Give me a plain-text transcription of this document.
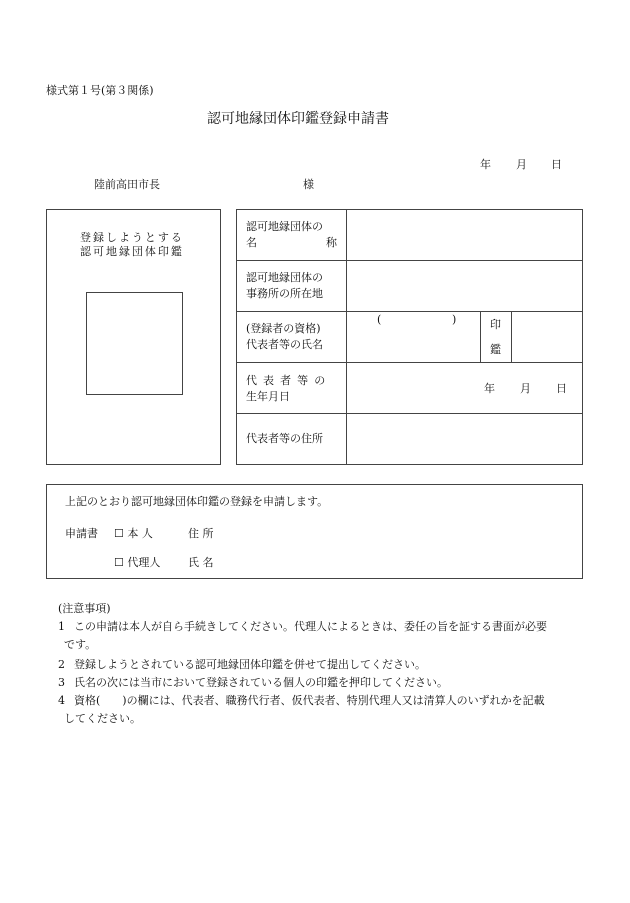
様式第１号(第３関係)
認可地縁団体印鑑登録申請書
年 月 日
陸前高田市長	様
登録しようとする
認可地縁団体印鑑
認可地縁団体の
名	称
認可地縁団体の
事務所の所在地
(登録者の資格)
代表者等の氏名
(	)	印
鑑
代表者等の
生年月日
年 月 日
代表者等の住所
上記のとおり認可地縁団体印鑑の登録を申請します。
申請書 ☐ 本 人	住 所
☐ 代理人	氏 名
(注意事項)
1 この申請は本人が自ら手続きしてください。代理人によるときは、委任の旨を証する書面が必要
です。
2 登録しようとされている認可地縁団体印鑑を併せて提出してください。
3 氏名の次には当市において登録されている個人の印鑑を押印してください。
4 資格(　　)の欄には、代表者、職務代行者、仮代表者、特別代理人又は清算人のいずれかを記載
してください。
